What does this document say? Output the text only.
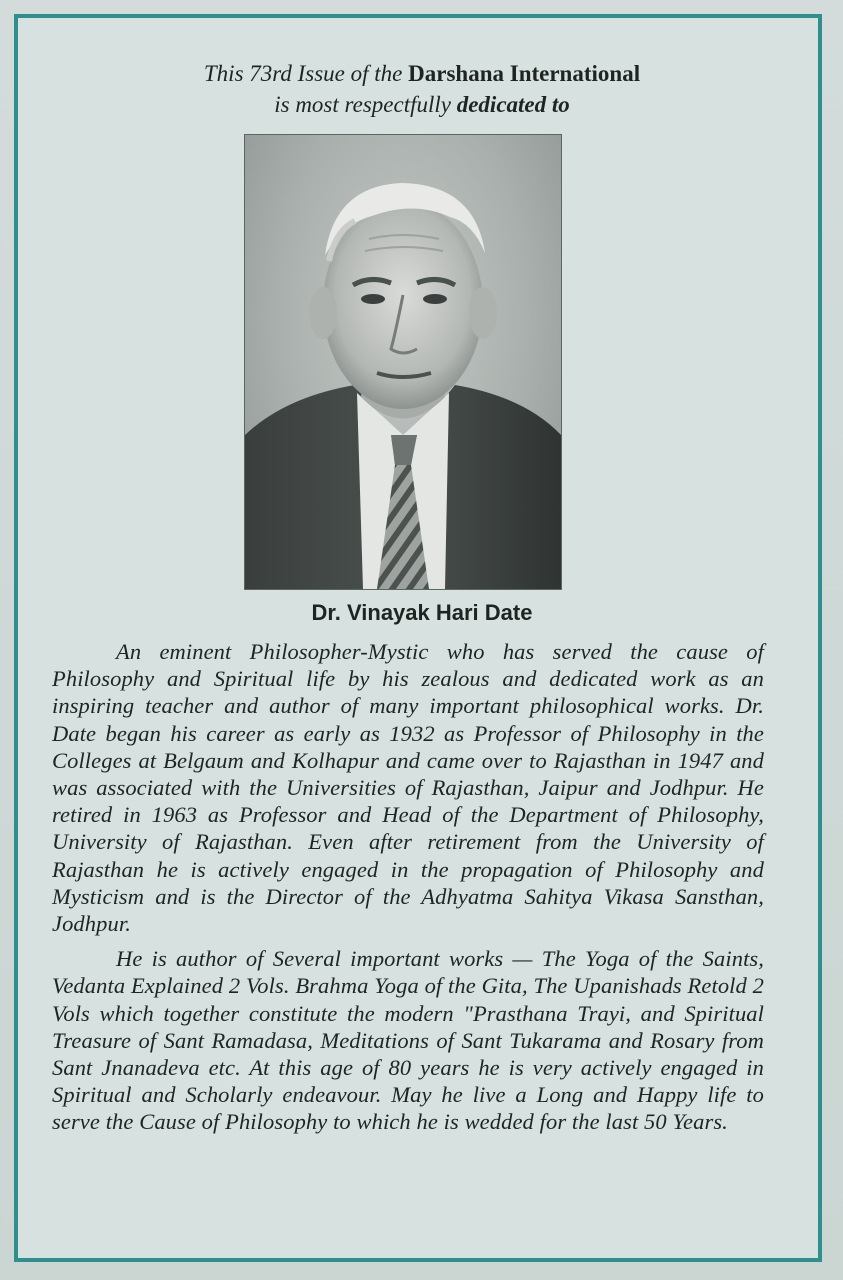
This 73rd Issue of the Darshana International
is most respectfully dedicated to
Dr. Vinayak Hari Date

An eminent Philosopher-Mystic who has served the cause of Philosophy and Spiritual life by his zealous and dedicated work as an inspiring teacher and author of many important philosophical works. Dr. Date began his career as early as 1932 as Professor of Philosophy in the Colleges at Belgaum and Kolhapur and came over to Rajasthan in 1947 and was associated with the Universities of Rajasthan, Jaipur and Jodhpur. He retired in 1963 as Professor and Head of the Department of Philosophy, University of Rajasthan. Even after retirement from the University of Rajasthan he is actively engaged in the propagation of Philosophy and Mysticism and is the Director of the Adhyatma Sahitya Vikasa Sansthan, Jodhpur.

He is author of Several important works — The Yoga of the Saints, Vedanta Explained 2 Vols. Brahma Yoga of the Gita, The Upanishads Retold 2 Vols which together constitute the modern "Prasthana Trayi, and Spiritual Treasure of Sant Ramadasa, Meditations of Sant Tukarama and Rosary from Sant Jnanadeva etc. At this age of 80 years he is very actively engaged in Spiritual and Scholarly endeavour. May he live a Long and Happy life to serve the Cause of Philosophy to which he is wedded for the last 50 Years.
